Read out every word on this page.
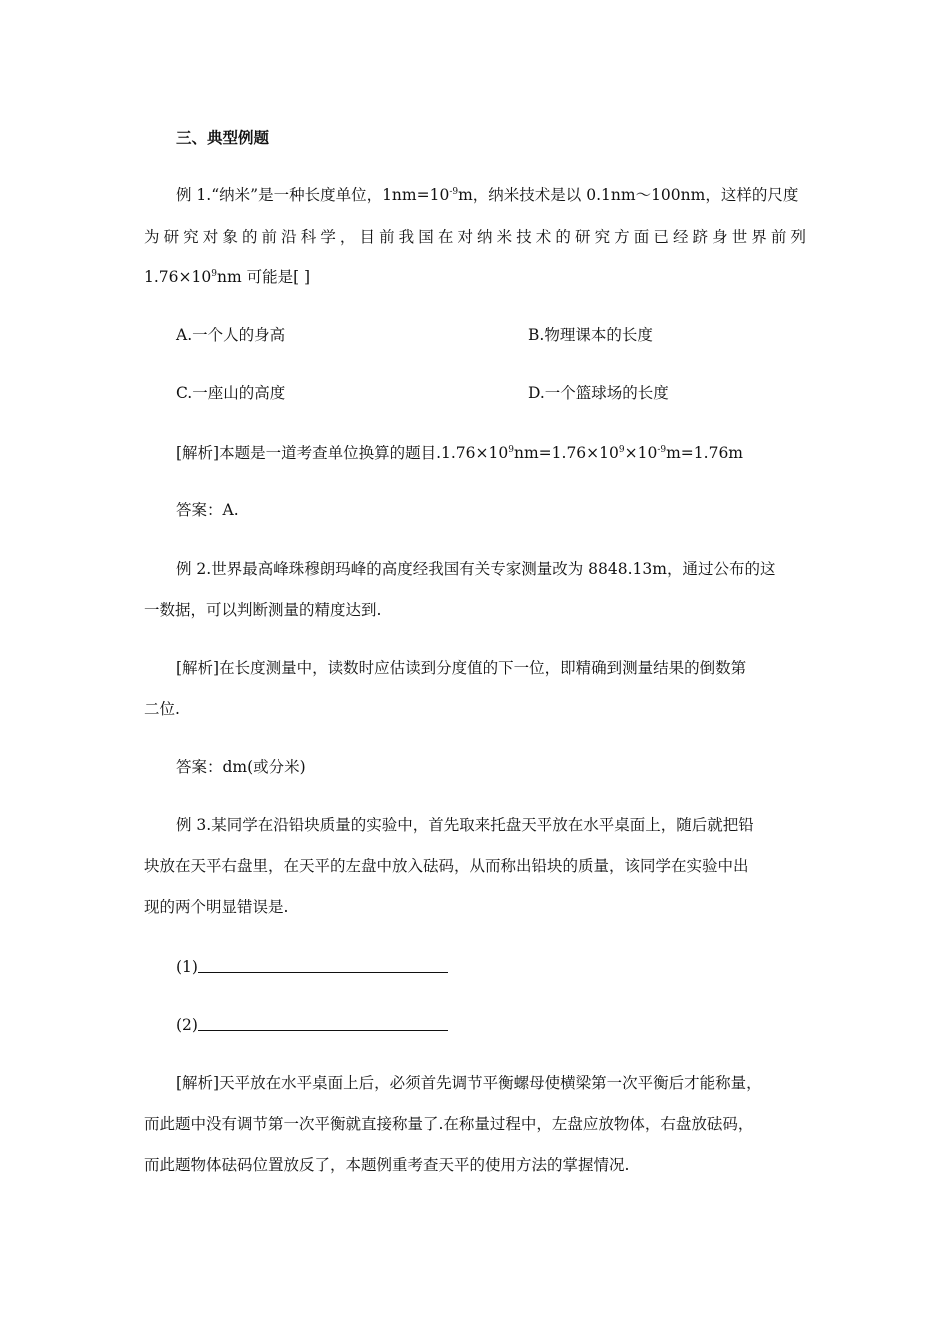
三、典型例题
例 1.“纳米”是一种长度单位，$1nm=10^{-9}m$，纳米技术是以 0.1nm～100nm，这样的尺度
为研究对象的前沿科学，目前我国在对纳米技术的研究方面已经跻身世界前列
$1.76\times 10^9nm$ 可能是[ ]
A.一个人的身高	B.物理课本的长度
C.一座山的高度	D.一个篮球场的长度
[解析]本题是一道考查单位换算的题目$.1.76\times 10^9nm=1.76\times 10^9\times 10^{-9}m=1.76m$
答案：A.
例 2.世界最高峰珠穆朗玛峰的高度经我国有关专家测量改为 8848.13m，通过公布的这
一数据，可以判断测量的精度达到.
[解析]在长度测量中，读数时应估读到分度值的下一位，即精确到测量结果的倒数第
二位.
答案：dm(或分米)
例 3.某同学在沿铅块质量的实验中，首先取来托盘天平放在水平桌面上，随后就把铅
块放在天平右盘里，在天平的左盘中放入砝码，从而称出铅块的质量，该同学在实验中出
现的两个明显错误是.
(1)
(2)
[解析]天平放在水平桌面上后，必须首先调节平衡螺母使横梁第一次平衡后才能称量，
而此题中没有调节第一次平衡就直接称量了.在称量过程中，左盘应放物体，右盘放砝码，
而此题物体砝码位置放反了，本题例重考查天平的使用方法的掌握情况.
